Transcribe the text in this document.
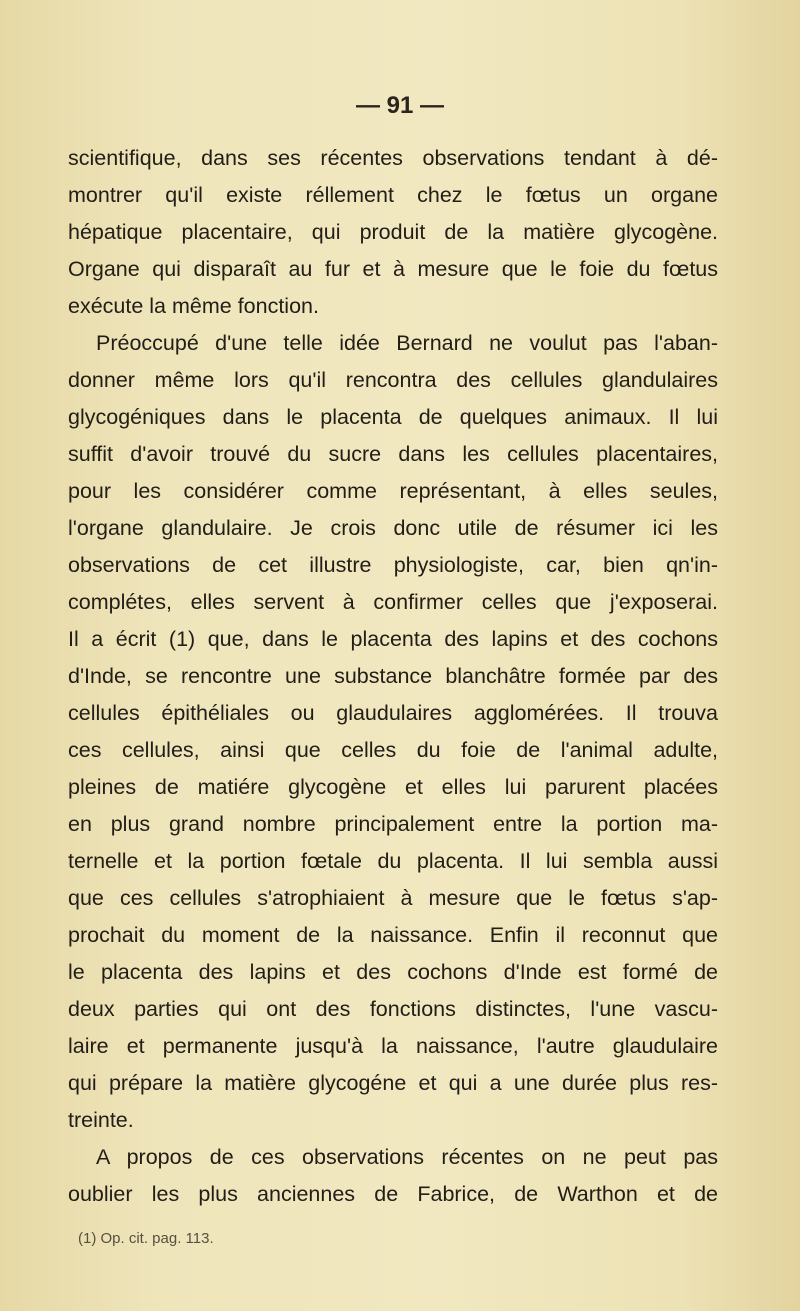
— 91 —
scientifique, dans ses récentes observations tendant à dé-
montrer qu'il existe réllement chez le fœtus un organe
hépatique placentaire, qui produit de la matière glycogène.
Organe qui disparaît au fur et à mesure que le foie du fœtus
exécute la même fonction.
Préoccupé d'une telle idée Bernard ne voulut pas l'aban-
donner même lors qu'il rencontra des cellules glandulaires
glycogéniques dans le placenta de quelques animaux. Il lui
suffit d'avoir trouvé du sucre dans les cellules placentaires,
pour les considérer comme représentant, à elles seules,
l'organe glandulaire. Je crois donc utile de résumer ici les
observations de cet illustre physiologiste, car, bien qn'in-
complétes, elles servent à confirmer celles que j'exposerai.
Il a écrit (1) que, dans le placenta des lapins et des cochons
d'Inde, se rencontre une substance blanchâtre formée par des
cellules épithéliales ou glaudulaires agglomérées. Il trouva
ces cellules, ainsi que celles du foie de l'animal adulte,
pleines de matiére glycogène et elles lui parurent placées
en plus grand nombre principalement entre la portion ma-
ternelle et la portion fœtale du placenta. Il lui sembla aussi
que ces cellules s'atrophiaient à mesure que le fœtus s'ap-
prochait du moment de la naissance. Enfin il reconnut que
le placenta des lapins et des cochons d'Inde est formé de
deux parties qui ont des fonctions distinctes, l'une vascu-
laire et permanente jusqu'à la naissance, l'autre glaudulaire
qui prépare la matière glycogéne et qui a une durée plus res-
treinte.
A propos de ces observations récentes on ne peut pas
oublier les plus anciennes de Fabrice, de Warthon et de
(1) Op. cit. pag. 113.
